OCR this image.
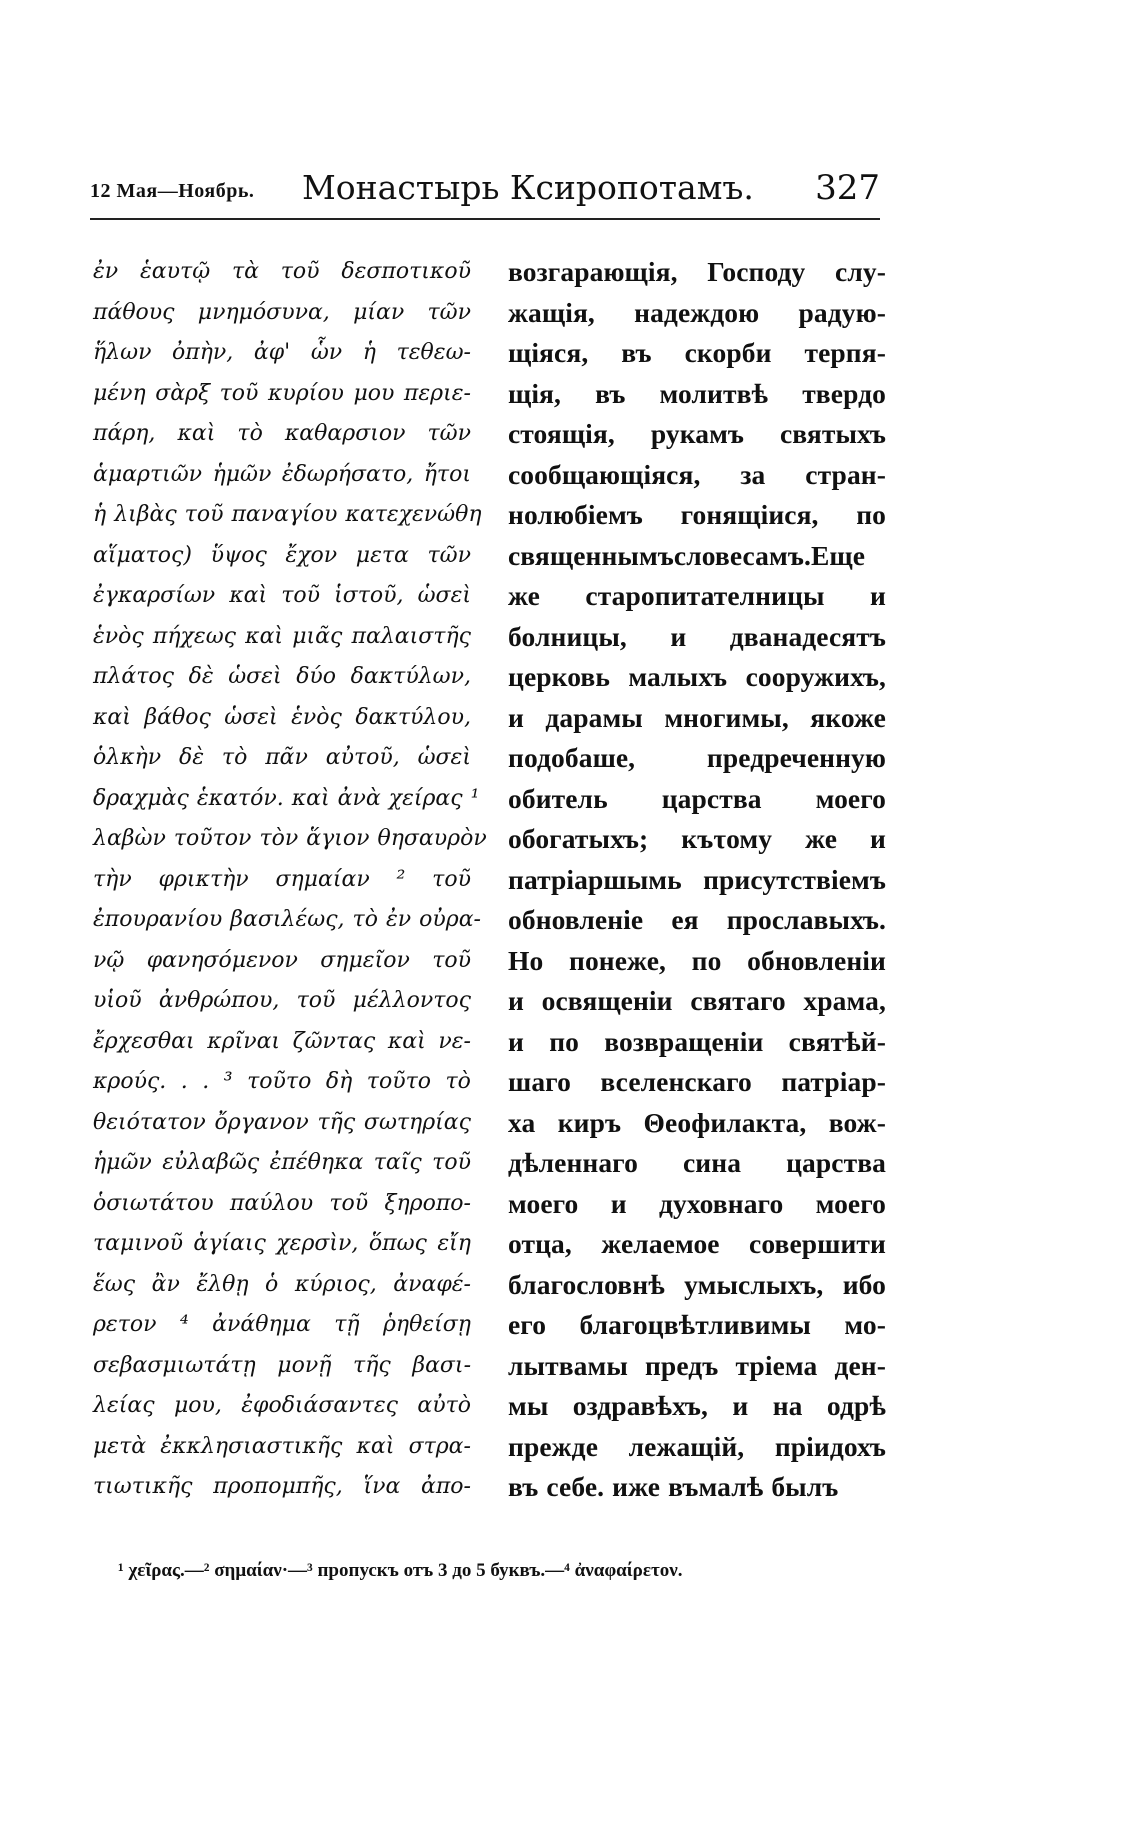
12 Мая—Ноябрь. Монастырь Ксиропотамъ. 327
ἐν ἑαυτῷ τὰ τοῦ δεσποτικοῦ
πάθους μνημόσυνα, μίαν τῶν
ἥλων ὀπὴν, ἀφ' ὧν ἡ τεθεω-
μένη σὰρξ τοῦ κυρίου μου περιε-
πάρη, καὶ τὸ καθαρσιον τῶν
ἁμαρτιῶν ἡμῶν ἐδωρήσατο, ἤτοι
ἡ λιβὰς τοῦ παναγίου κατεχενώθη
αἵματος) ὕψος ἔχον μετα τῶν
ἐγκαρσίων καὶ τοῦ ἱστοῦ, ὡσεὶ
ἑνὸς πήχεως καὶ μιᾶς παλαιστῆς
πλάτος δὲ ὡσεὶ δύο δακτύλων,
καὶ βάθος ὡσεὶ ἑνὸς δακτύλου,
ὁλκὴν δὲ τὸ πᾶν αὐτοῦ, ὡσεὶ
δραχμὰς ἑκατόν. καὶ ἀνὰ χείρας ¹
λαβὼν τοῦτον τὸν ἅγιον θησαυρὸν
τὴν φρικτὴν σημαίαν ² τοῦ
ἐπουρανίου βασιλέως, τὸ ἐν οὐρα-
νῷ φανησόμενον σημεῖον τοῦ
υἱοῦ ἀνθρώπου, τοῦ μέλλοντος
ἔρχεσθαι κρῖναι ζῶντας καὶ νε-
κρούς. . . ³ τοῦτο δὴ τοῦτο τὸ
θειότατον ὄργανον τῆς σωτηρίας
ἡμῶν εὐλαβῶς ἐπέθηκα ταῖς τοῦ
ὁσιωτάτου παύλου τοῦ ξηροπο-
ταμινοῦ ἁγίαις χερσὶν, ὅπως εἴη
ἕως ἂν ἔλθῃ ὁ κύριος, ἀναφέ-
ρετον ⁴ ἀνάθημα τῇ ῥηθείσῃ
σεβασμιωτάτῃ μονῇ τῆς βασι-
λείας μου, ἐφοδιάσαντες αὐτὸ
μετὰ ἐκκλησιαστικῆς καὶ στρα-
τιωτικῆς προπομπῆς, ἵνα ἀπο-
возгарающія, Господу слу-
жащія, надеждою радую-
щіяся, въ скорби терпя-
щія, въ молитвѣ твердо
стоящія, рукамъ святыхъ
сообщающіяся, за стран-
нолюбіемъ гонящіися, по
священнымъсловесамъ.Еще
же старопитателницы и
болницы, и дванадесятъ
церковь малыхъ сооружихъ,
и дарамы многимы, якоже
подобаше,	предреченную
обитель царства моего
обогатыхъ; къτому же и
патріаршымь присутствіемъ
обновленіе ея прославыхъ.
Но понеже, по обновленіи
и освященіи святаго храма,
и по возвращеніи святѣй-
шаго вселенскаго патріар-
ха киръ Θеофилакта, вож-
дѣленнаго сина царства
моего и духовнаго моего
отца, желаемое совершити
благословнѣ умыслыхъ, ибо
его благоцвѣтливимы мо-
лытвамы предъ тріема ден-
мы оздравѣхъ, и на одрѣ
прежде лежащій, пріидохъ
въ себе. иже въмалѣ былъ
¹ χεῖρας.—² σημαίαν·—³ пропускъ отъ 3 до 5 буквъ.—⁴ ἀναφαίρετον.
